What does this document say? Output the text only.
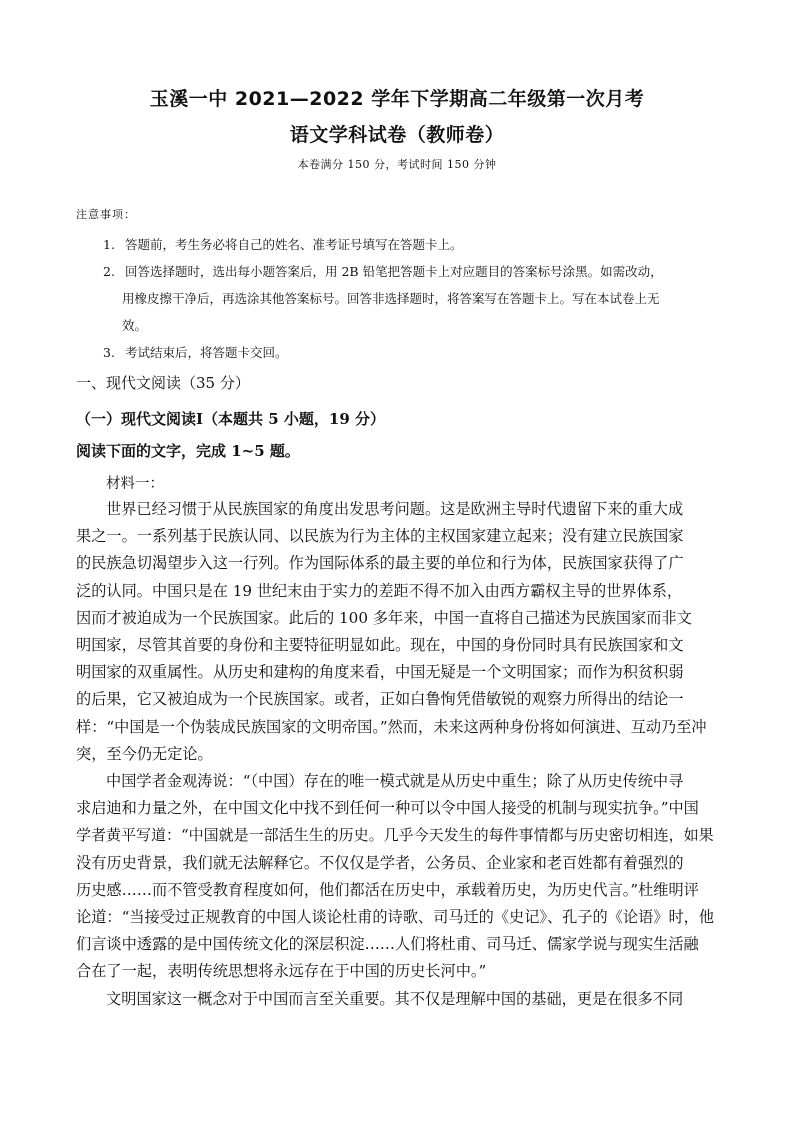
玉溪一中 2021—2022 学年下学期高二年级第一次月考
语文学科试卷（教师卷）
本卷满分 150 分，考试时间 150 分钟
注意事项：
1. 答题前，考生务必将自己的姓名、准考证号填写在答题卡上。
2. 回答选择题时，选出每小题答案后，用 2B 铅笔把答题卡上对应题目的答案标号涂黑。如需改动，
用橡皮擦干净后，再选涂其他答案标号。回答非选择题时，将答案写在答题卡上。写在本试卷上无
效。
3. 考试结束后，将答题卡交回。
一、现代文阅读（35 分）
（一）现代文阅读Ⅰ（本题共 5 小题，19 分）
阅读下面的文字，完成 1~5 题。
材料一：
世界已经习惯于从民族国家的角度出发思考问题。这是欧洲主导时代遗留下来的重大成
果之一。一系列基于民族认同、以民族为行为主体的主权国家建立起来；没有建立民族国家
的民族急切渴望步入这一行列。作为国际体系的最主要的单位和行为体，民族国家获得了广
泛的认同。中国只是在 19 世纪末由于实力的差距不得不加入由西方霸权主导的世界体系，
因而才被迫成为一个民族国家。此后的 100 多年来，中国一直将自己描述为民族国家而非文
明国家，尽管其首要的身份和主要特征明显如此。现在，中国的身份同时具有民族国家和文
明国家的双重属性。从历史和建构的角度来看，中国无疑是一个文明国家；而作为积贫积弱
的后果，它又被迫成为一个民族国家。或者，正如白鲁恂凭借敏锐的观察力所得出的结论一
样：“中国是一个伪装成民族国家的文明帝国。”然而，未来这两种身份将如何演进、互动乃至冲
突，至今仍无定论。
中国学者金观涛说：“（中国）存在的唯一模式就是从历史中重生；除了从历史传统中寻
求启迪和力量之外，在中国文化中找不到任何一种可以令中国人接受的机制与现实抗争。”中国
学者黄平写道：“中国就是一部活生生的历史。几乎今天发生的每件事情都与历史密切相连，如果
没有历史背景，我们就无法解释它。不仅仅是学者，公务员、企业家和老百姓都有着强烈的
历史感……而不管受教育程度如何，他们都活在历史中，承载着历史，为历史代言。”杜维明评
论道：“当接受过正规教育的中国人谈论杜甫的诗歌、司马迁的《史记》、孔子的《论语》时，他
们言谈中透露的是中国传统文化的深层积淀……人们将杜甫、司马迁、儒家学说与现实生活融
合在了一起，表明传统思想将永远存在于中国的历史长河中。”
文明国家这一概念对于中国而言至关重要。其不仅是理解中国的基础，更是在很多不同
